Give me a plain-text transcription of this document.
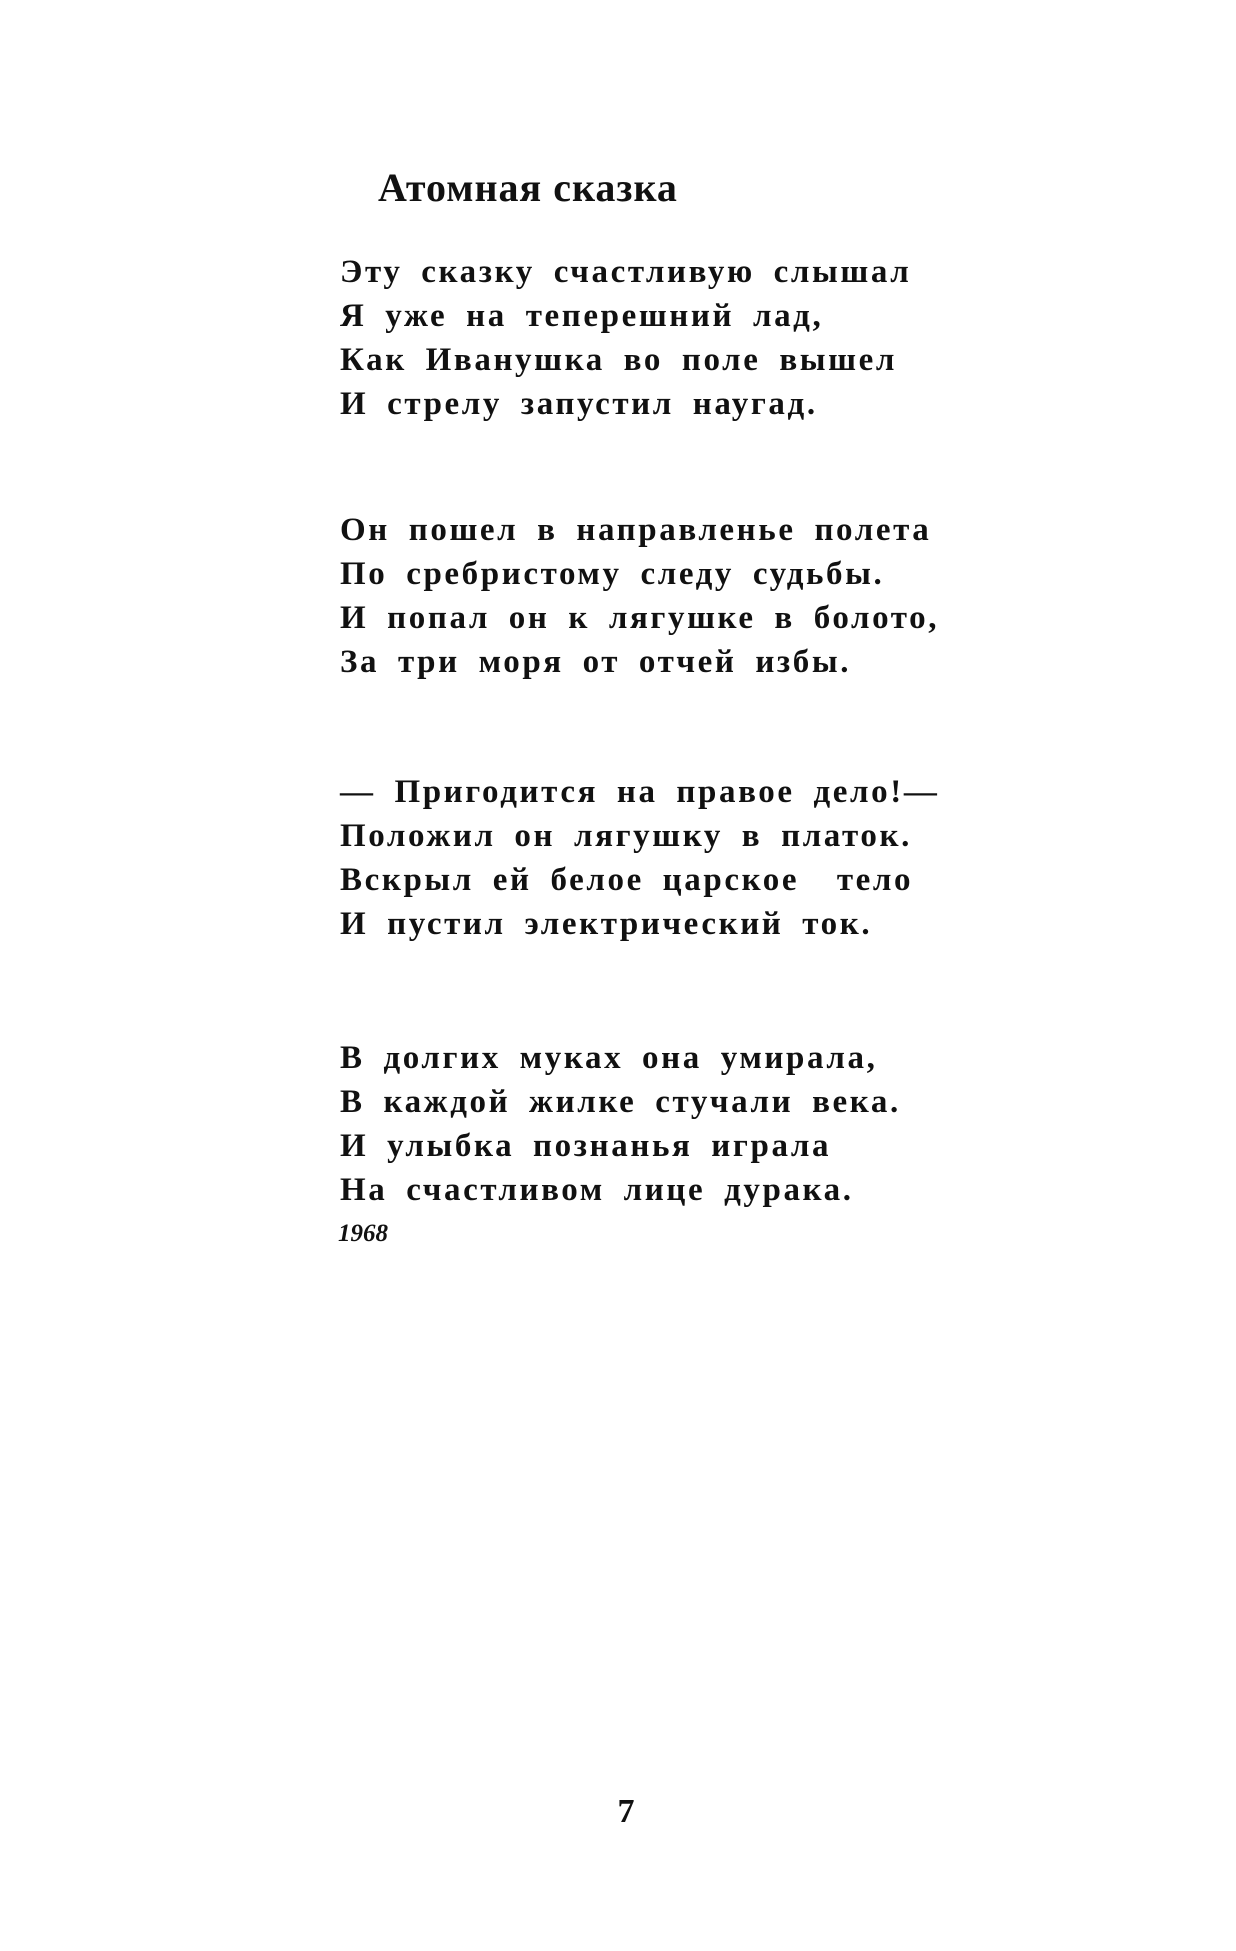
Атомная сказка
Эту сказку счастливую слышал
Я уже на теперешний лад,
Как Иванушка во поле вышел
И стрелу запустил наугад.
Он пошел в направленье полета
По сребристому следу судьбы.
И попал он к лягушке в болото,
За три моря от отчей избы.
— Пригодится на правое дело!—
Положил он лягушку в платок.
Вскрыл ей белое царское  тело
И пустил электрический ток.
В долгих муках она умирала,
В каждой жилке стучали века.
И улыбка познанья играла
На счастливом лице дурака.

1968

7
